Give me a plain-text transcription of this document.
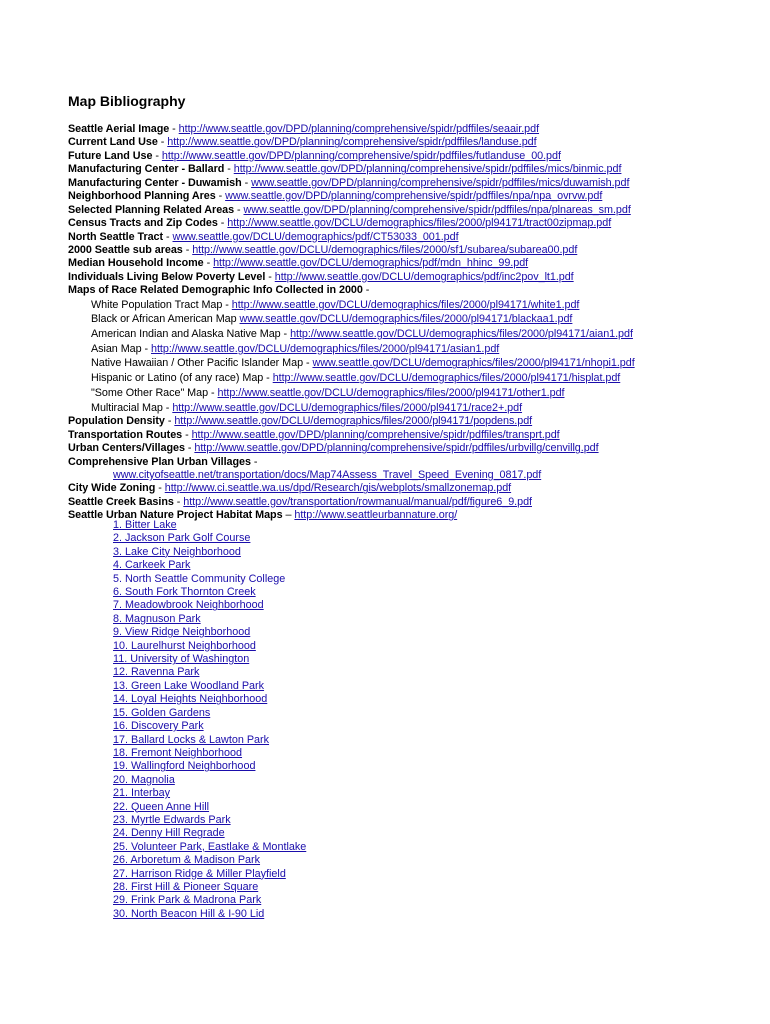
Map Bibliography
Seattle Aerial Image - http://www.seattle.gov/DPD/planning/comprehensive/spidr/pdffiles/seaair.pdf
Current Land Use - http://www.seattle.gov/DPD/planning/comprehensive/spidr/pdffiles/landuse.pdf
Future Land Use - http://www.seattle.gov/DPD/planning/comprehensive/spidr/pdffiles/futlanduse_00.pdf
Manufacturing Center - Ballard - http://www.seattle.gov/DPD/planning/comprehensive/spidr/pdffiles/mics/binmic.pdf
Manufacturing Center - Duwamish - www.seattle.gov/DPD/planning/comprehensive/spidr/pdffiles/mics/duwamish.pdf
Neighborhood Planning Ares - www.seattle.gov/DPD/planning/comprehensive/spidr/pdffiles/npa/npa_ovrvw.pdf
Selected Planning Related Areas - www.seattle.gov/DPD/planning/comprehensive/spidr/pdffiles/npa/plnareas_sm.pdf
Census Tracts and Zip Codes - http://www.seattle.gov/DCLU/demographics/files/2000/pl94171/tract00zipmap.pdf
North Seattle Tract - www.seattle.gov/DCLU/demographics/pdf/CT53033_001.pdf
2000 Seattle sub areas - http://www.seattle.gov/DCLU/demographics/files/2000/sf1/subarea/subarea00.pdf
Median Household Income - http://www.seattle.gov/DCLU/demographics/pdf/mdn_hhinc_99.pdf
Individuals Living Below Poverty Level - http://www.seattle.gov/DCLU/demographics/pdf/inc2pov_lt1.pdf
Maps of Race Related Demographic Info Collected in 2000 -
White Population Tract Map - http://www.seattle.gov/DCLU/demographics/files/2000/pl94171/white1.pdf
Black or African American Map www.seattle.gov/DCLU/demographics/files/2000/pl94171/blackaa1.pdf
American Indian and Alaska Native Map - http://www.seattle.gov/DCLU/demographics/files/2000/pl94171/aian1.pdf
Asian Map - http://www.seattle.gov/DCLU/demographics/files/2000/pl94171/asian1.pdf
Native Hawaiian / Other Pacific Islander Map - www.seattle.gov/DCLU/demographics/files/2000/pl94171/nhopi1.pdf
Hispanic or Latino (of any race) Map - http://www.seattle.gov/DCLU/demographics/files/2000/pl94171/hisplat.pdf
"Some Other Race" Map - http://www.seattle.gov/DCLU/demographics/files/2000/pl94171/other1.pdf
Multiracial Map - http://www.seattle.gov/DCLU/demographics/files/2000/pl94171/race2+.pdf
Population Density - http://www.seattle.gov/DCLU/demographics/files/2000/pl94171/popdens.pdf
Transportation Routes - http://www.seattle.gov/DPD/planning/comprehensive/spidr/pdffiles/transprt.pdf
Urban Centers/Villages - http://www.seattle.gov/DPD/planning/comprehensive/spidr/pdffiles/urbvillg/cenvillg.pdf
Comprehensive Plan Urban Villages -
www.cityofseattle.net/transportation/docs/Map74Assess_Travel_Speed_Evening_0817.pdf
City Wide Zoning - http://www.ci.seattle.wa.us/dpd/Research/gis/webplots/smallzonemap.pdf
Seattle Creek Basins - http://www.seattle.gov/transportation/rowmanual/manual/pdf/figure6_9.pdf
Seattle Urban Nature Project Habitat Maps – http://www.seattleurbannature.org/
1. Bitter Lake
2. Jackson Park Golf Course
3. Lake City Neighborhood
4. Carkeek Park
5. North Seattle Community College
6. South Fork Thornton Creek
7. Meadowbrook Neighborhood
8. Magnuson Park
9. View Ridge Neighborhood
10. Laurelhurst Neighborhood
11. University of Washington
12. Ravenna Park
13. Green Lake Woodland Park
14. Loyal Heights Neighborhood
15. Golden Gardens
16. Discovery Park
17. Ballard Locks & Lawton Park
18. Fremont Neighborhood
19. Wallingford Neighborhood
20. Magnolia
21. Interbay
22. Queen Anne Hill
23. Myrtle Edwards Park
24. Denny Hill Regrade
25. Volunteer Park, Eastlake & Montlake
26. Arboretum & Madison Park
27. Harrison Ridge & Miller Playfield
28. First Hill & Pioneer Square
29. Frink Park & Madrona Park
30. North Beacon Hill & I-90 Lid
